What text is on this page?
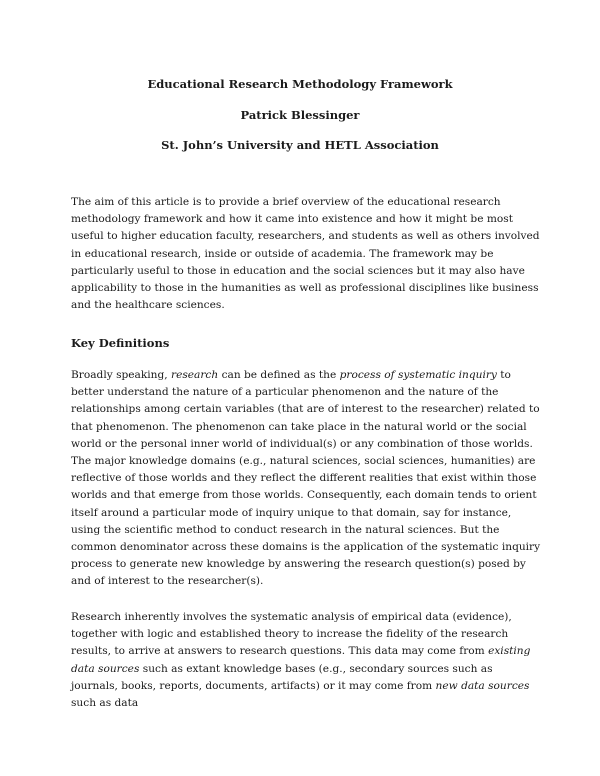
Educational Research Methodology Framework
Patrick Blessinger
St. John’s University and HETL Association

The aim of this article is to provide a brief overview of the educational research methodology framework and how it came into existence and how it might be most useful to higher education faculty, researchers, and students as well as others involved in educational research, inside or outside of academia. The framework may be particularly useful to those in education and the social sciences but it may also have applicability to those in the humanities as well as professional disciplines like business and the healthcare sciences.

Key Definitions

Broadly speaking, research can be defined as the process of systematic inquiry to better understand the nature of a particular phenomenon and the nature of the relationships among certain variables (that are of interest to the researcher) related to that phenomenon. The phenomenon can take place in the natural world or the social world or the personal inner world of individual(s) or any combination of those worlds. The major knowledge domains (e.g., natural sciences, social sciences, humanities) are reflective of those worlds and they reflect the different realities that exist within those worlds and that emerge from those worlds. Consequently, each domain tends to orient itself around a particular mode of inquiry unique to that domain, say for instance, using the scientific method to conduct research in the natural sciences. But the common denominator across these domains is the application of the systematic inquiry process to generate new knowledge by answering the research question(s) posed by and of interest to the researcher(s).

Research inherently involves the systematic analysis of empirical data (evidence), together with logic and established theory to increase the fidelity of the research results, to arrive at answers to research questions. This data may come from existing data sources such as extant knowledge bases (e.g., secondary sources such as journals, books, reports, documents, artifacts) or it may come from new data sources such as data
